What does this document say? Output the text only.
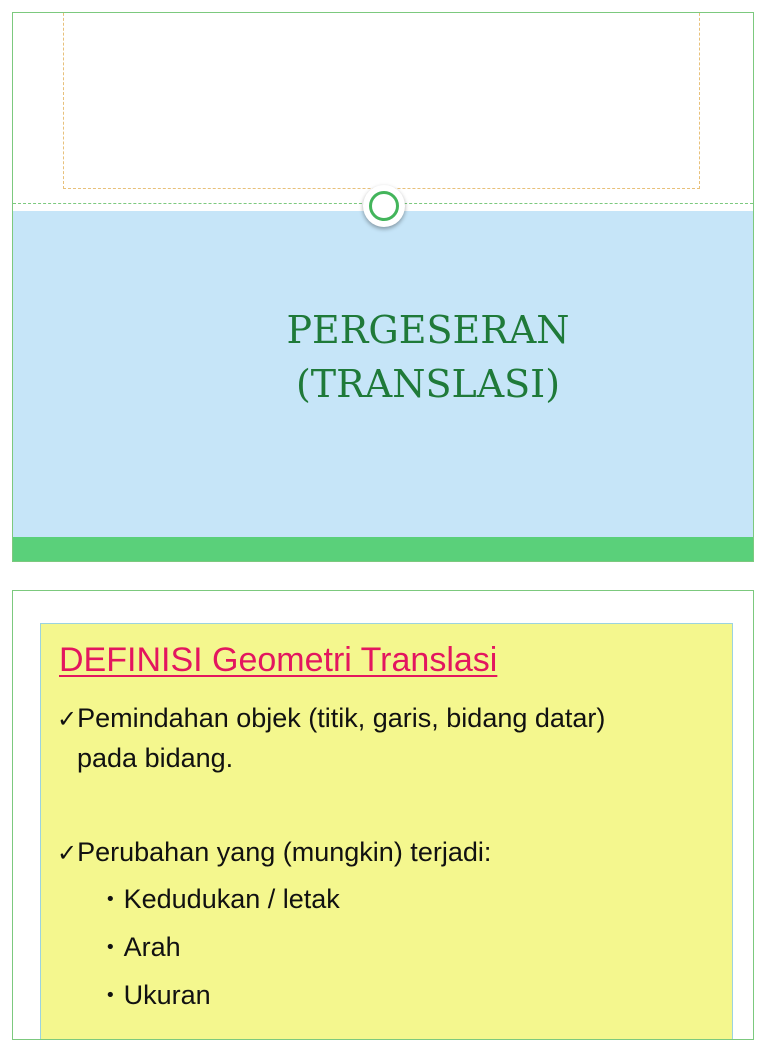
PERGESERAN
(TRANSLASI)
DEFINISI Geometri Translasi
✓Pemindahan objek (titik, garis, bidang datar)
pada bidang.
✓Perubahan yang (mungkin) terjadi:
• Kedudukan / letak
• Arah
• Ukuran
